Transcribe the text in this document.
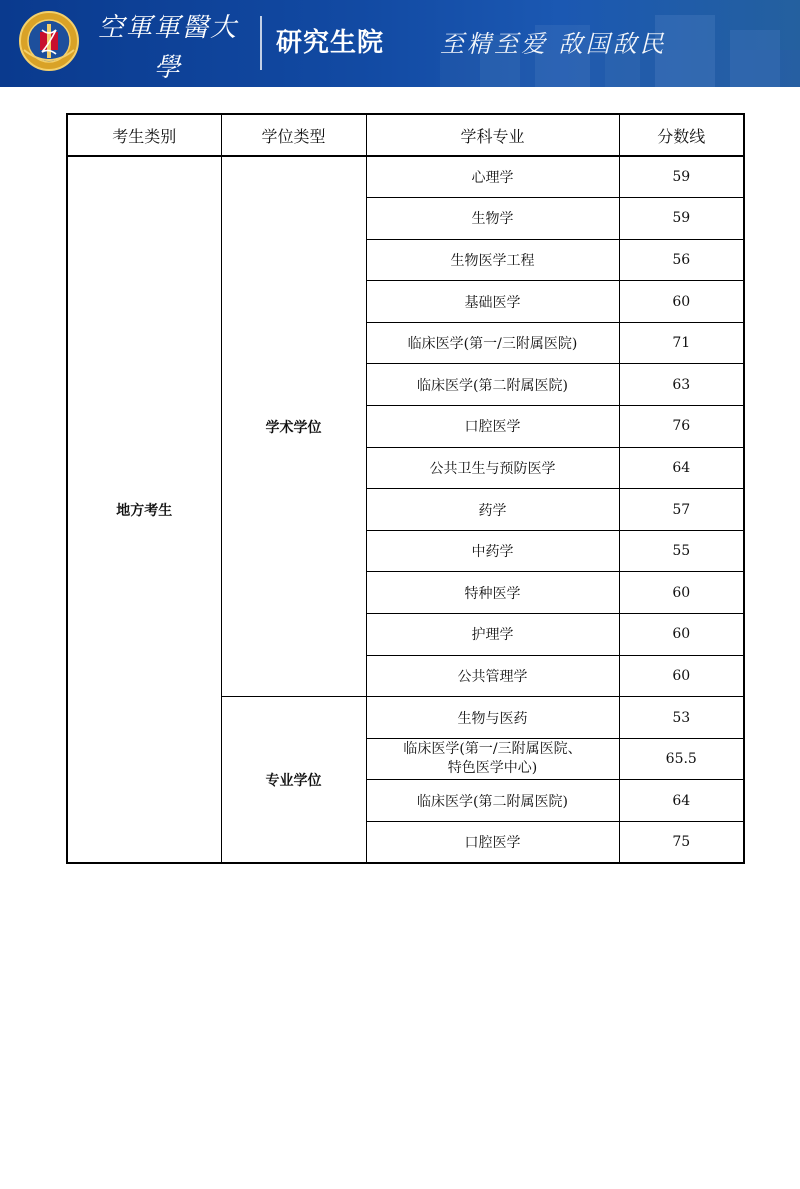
空軍軍醫大學
（第四軍医大学）
研究生院 至精至爱 敌国敌民
考生类别	学位类型	学科专业	分数线
地方考生	学术学位	心理学	59
		生物学	59
		生物医学工程	56
		基础医学	60
		临床医学(第一/三附属医院)	71
		临床医学(第二附属医院)	63
		口腔医学	76
		公共卫生与预防医学	64
		药学	57
		中药学	55
		特种医学	60
		护理学	60
		公共管理学	60
	专业学位	生物与医药	53

		临床医学(第一/三附属医院、
特色医学中心)	65.5
		临床医学(第二附属医院)	64
		口腔医学	75
